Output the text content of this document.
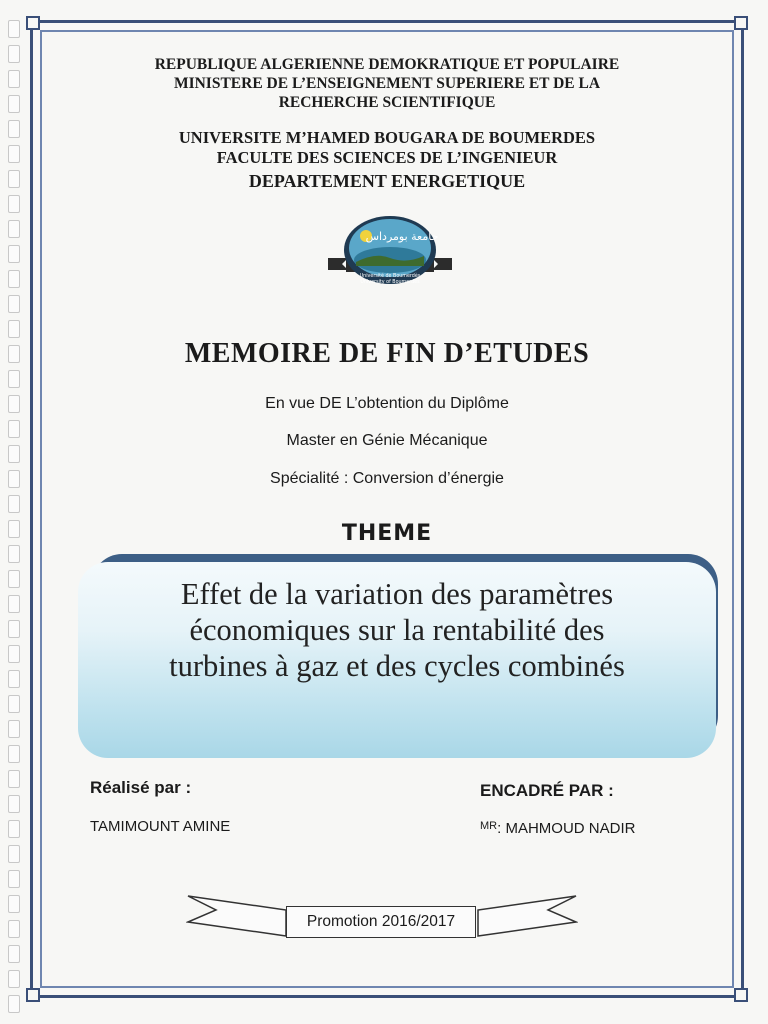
REPUBLIQUE ALGERIENNE DEMOKRATIQUE ET POPULAIRE
MINISTERE DE L’ENSEIGNEMENT SUPERIERE ET DE LA
RECHERCHE SCIENTIFIQUE
UNIVERSITE M’HAMED BOUGARA DE BOUMERDES
FACULTE DES SCIENCES DE L’INGENIEUR
DEPARTEMENT ENERGETIQUE
جامعة بومرداس
Université de Boumerdès
University of Boumerdes
MEMOIRE DE FIN D’ETUDES
En vue DE L’obtention du Diplôme
Master en Génie Mécanique
Spécialité : Conversion d’énergie
THEME
Effet de la variation des paramètres
économiques sur la rentabilité des
turbines à gaz et des cycles combinés
Réalisé par :
TAMIMOUNT AMINE
ENCADRÉ PAR :
$^{MR}$: MAHMOUD NADIR
Promotion 2016/2017
